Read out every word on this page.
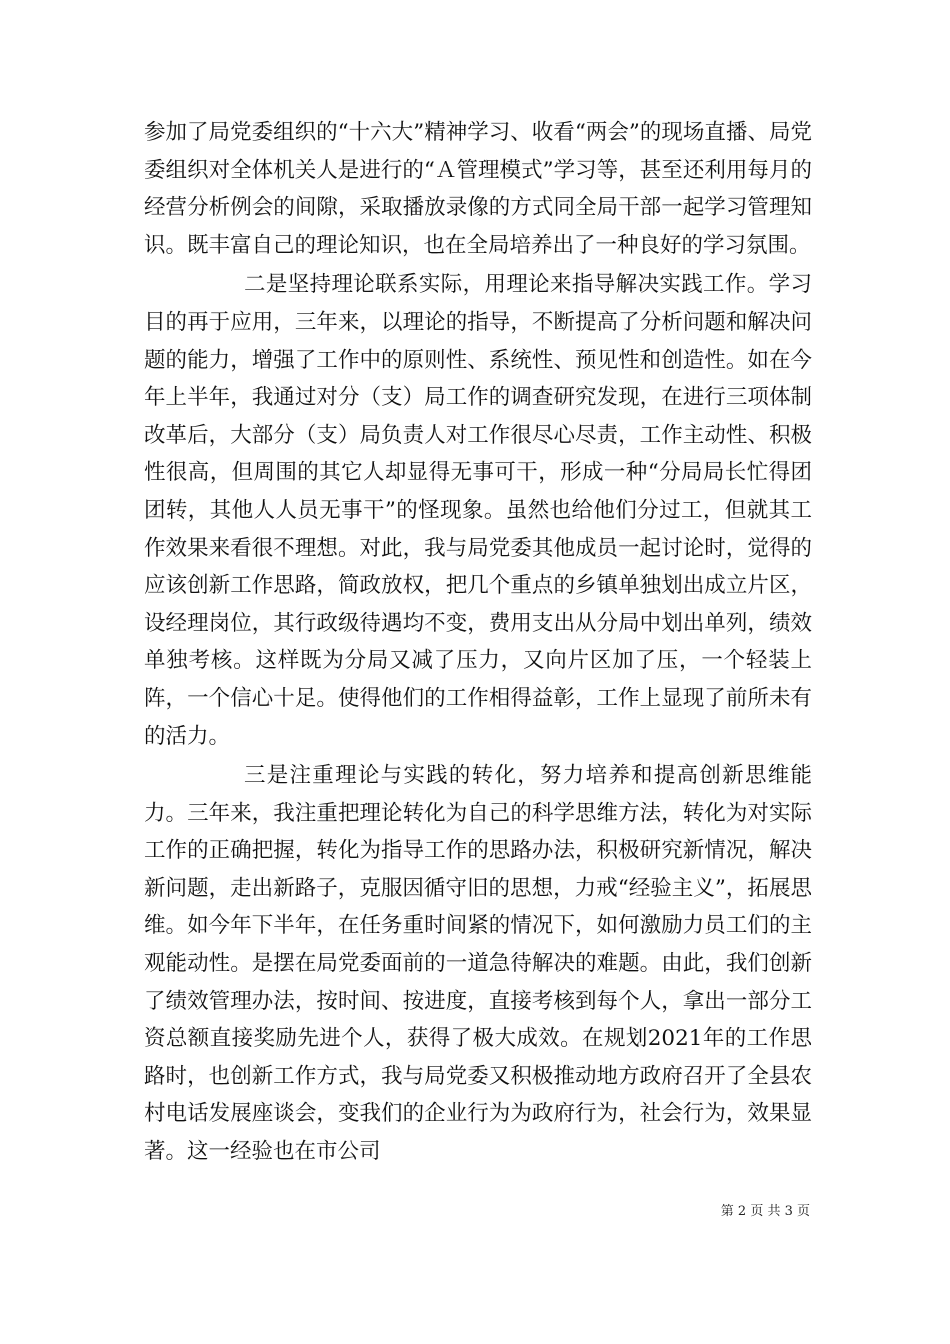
参加了局党委组织的“十六大”精神学习、收看“两会”的现场直播、局党委组织对全体机关人是进行的“Ａ管理模式”学习等，甚至还利用每月的经营分析例会的间隙，采取播放录像的方式同全局干部一起学习管理知识。既丰富自己的理论知识，也在全局培养出了一种良好的学习氛围。

二是坚持理论联系实际，用理论来指导解决实践工作。学习目的再于应用，三年来，以理论的指导，不断提高了分析问题和解决问题的能力，增强了工作中的原则性、系统性、预见性和创造性。如在今年上半年，我通过对分（支）局工作的调查研究发现，在进行三项体制改革后，大部分（支）局负责人对工作很尽心尽责，工作主动性、积极性很高，但周围的其它人却显得无事可干，形成一种“分局局长忙得团团转，其他人人员无事干”的怪现象。虽然也给他们分过工，但就其工作效果来看很不理想。对此，我与局党委其他成员一起讨论时，觉得的应该创新工作思路，简政放权，把几个重点的乡镇单独划出成立片区，设经理岗位，其行政级待遇均不变，费用支出从分局中划出单列，绩效单独考核。这样既为分局又减了压力，又向片区加了压，一个轻装上阵，一个信心十足。使得他们的工作相得益彰，工作上显现了前所未有的活力。

三是注重理论与实践的转化，努力培养和提高创新思维能力。三年来，我注重把理论转化为自己的科学思维方法，转化为对实际工作的正确把握，转化为指导工作的思路办法，积极研究新情况，解决新问题，走出新路子，克服因循守旧的思想，力戒“经验主义”，拓展思维。如今年下半年，在任务重时间紧的情况下，如何激励力员工们的主观能动性。是摆在局党委面前的一道急待解决的难题。由此，我们创新了绩效管理办法，按时间、按进度，直接考核到每个人，拿出一部分工资总额直接奖励先进个人，获得了极大成效。在规划2021年的工作思路时，也创新工作方式，我与局党委又积极推动地方政府召开了全县农村电话发展座谈会，变我们的企业行为为政府行为，社会行为，效果显著。这一经验也在市公司

第 2 页 共 3 页
